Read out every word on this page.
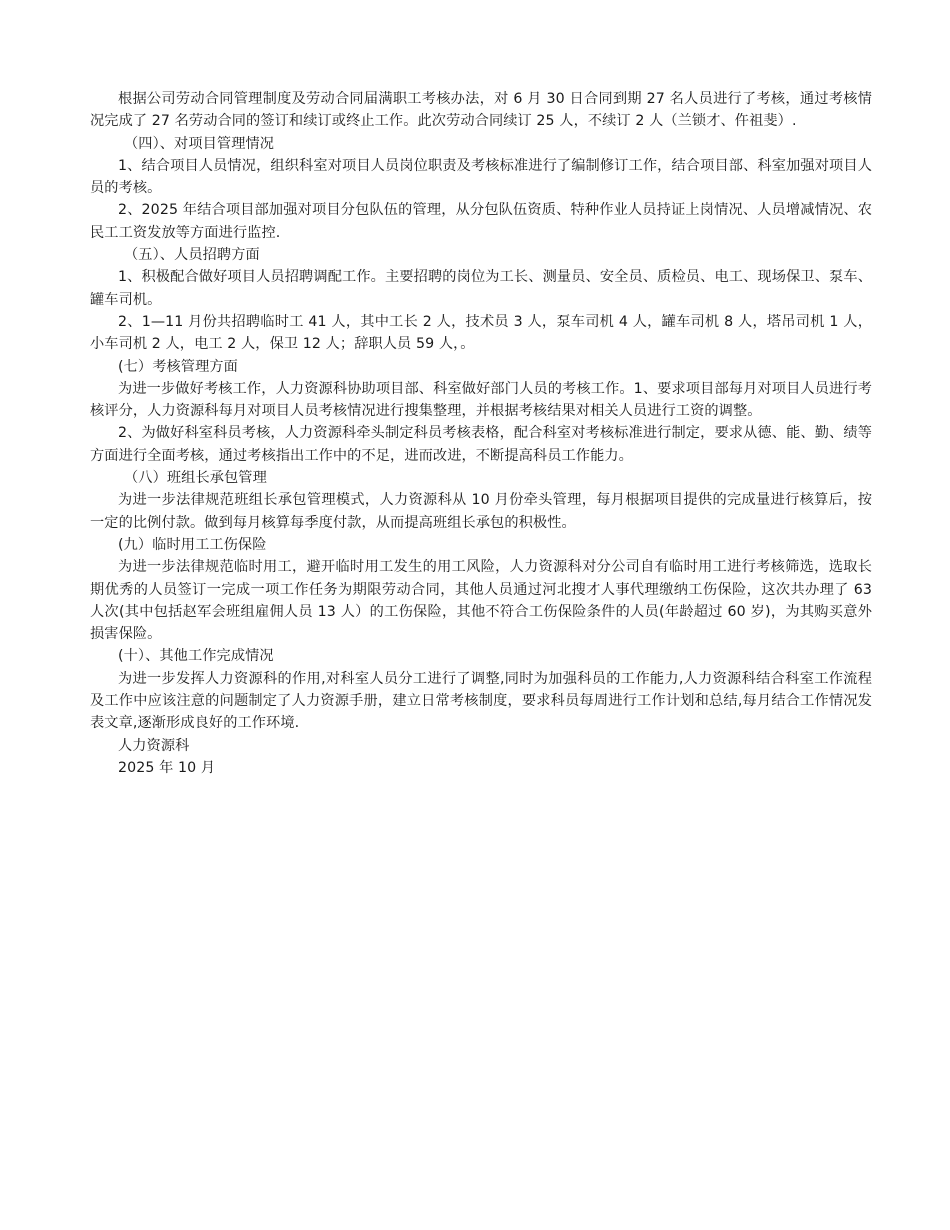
根据公司劳动合同管理制度及劳动合同届满职工考核办法，对 6 月 30 日合同到期 27 名人员进行了考核，通过考核情况完成了 27 名劳动合同的签订和续订或终止工作。此次劳动合同续订 25 人，不续订 2 人（兰锁才、仵祖斐）.

（四）、对项目管理情况

1、结合项目人员情况，组织科室对项目人员岗位职责及考核标准进行了编制修订工作，结合项目部、科室加强对项目人员的考核。

2、2025 年结合项目部加强对项目分包队伍的管理，从分包队伍资质、特种作业人员持证上岗情况、人员增减情况、农民工工资发放等方面进行监控.

（五）、人员招聘方面

1、积极配合做好项目人员招聘调配工作。主要招聘的岗位为工长、测量员、安全员、质检员、电工、现场保卫、泵车、罐车司机。

2、1—11 月份共招聘临时工 41 人，其中工长 2 人，技术员 3 人，泵车司机 4 人，罐车司机 8 人，塔吊司机 1 人，小车司机 2 人，电工 2 人，保卫 12 人；辞职人员 59 人，。

(七）考核管理方面

为进一步做好考核工作，人力资源科协助项目部、科室做好部门人员的考核工作。1、要求项目部每月对项目人员进行考核评分，人力资源科每月对项目人员考核情况进行搜集整理，并根据考核结果对相关人员进行工资的调整。

2、为做好科室科员考核，人力资源科牵头制定科员考核表格，配合科室对考核标准进行制定，要求从德、能、勤、绩等方面进行全面考核，通过考核指出工作中的不足，进而改进，不断提高科员工作能力。

（八）班组长承包管理

为进一步法律规范班组长承包管理模式，人力资源科从 10 月份牵头管理，每月根据项目提供的完成量进行核算后，按一定的比例付款。做到每月核算每季度付款，从而提高班组长承包的积极性。

(九）临时用工工伤保险

为进一步法律规范临时用工，避开临时用工发生的用工风险，人力资源科对分公司自有临时用工进行考核筛选，选取长期优秀的人员签订一完成一项工作任务为期限劳动合同，其他人员通过河北搜才人事代理缴纳工伤保险，这次共办理了 63 人次(其中包括赵军会班组雇佣人员 13 人）的工伤保险，其他不符合工伤保险条件的人员(年龄超过 60 岁)，为其购买意外损害保险。

(十）、其他工作完成情况

为进一步发挥人力资源科的作用,对科室人员分工进行了调整,同时为加强科员的工作能力,人力资源科结合科室工作流程及工作中应该注意的问题制定了人力资源手册，建立日常考核制度，要求科员每周进行工作计划和总结,每月结合工作情况发表文章,逐渐形成良好的工作环境.

人力资源科

2025 年 10 月
